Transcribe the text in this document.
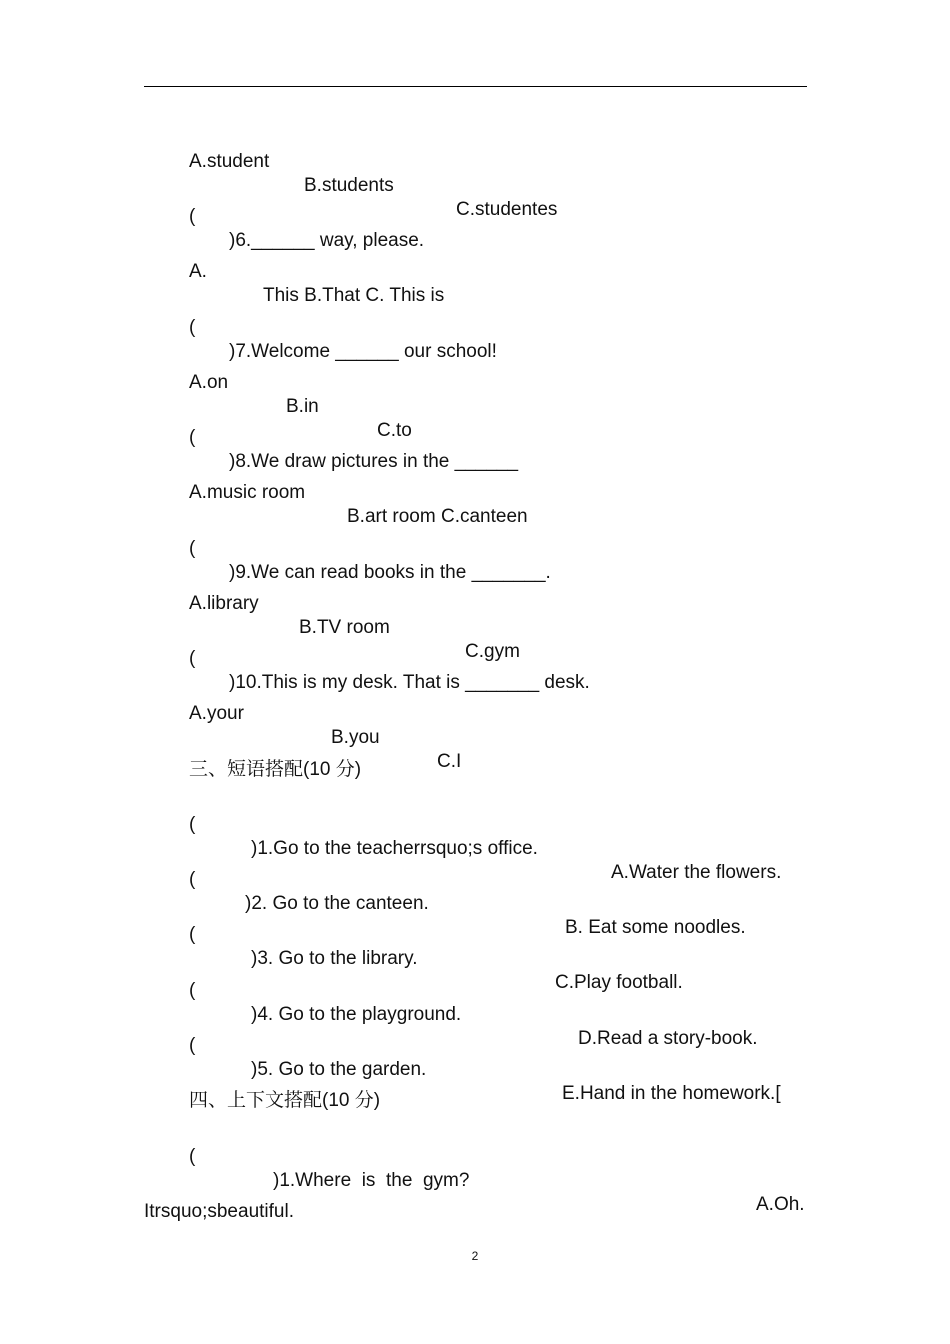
A.student

B.students

C.studentes

(

)6.______ way, please.

A.

This B.That C. This is

(

)7.Welcome ______ our school!

A.on

B.in

C.to

(

)8.We draw pictures in the ______

A.music room

B.art room C.canteen

(

)9.We can read books in the _______.

A.library

B.TV room

C.gym

(

)10.This is my desk. That is _______ desk.

A.your

B.you

C.I

三、短语搭配(10 分)

(

)1.Go to the teacherrsquo;s office.

A.Water the flowers.

(

)2. Go to the canteen.

B. Eat some noodles.

(

)3. Go to the library.

C.Play football.

(

)4. Go to the playground.

D.Read a story-book.

(

)5. Go to the garden.

E.Hand in the homework.[

四、上下文搭配(10 分)

(

)1.Where  is  the  gym?

A.Oh.

Itrsquo;sbeautiful.

2
